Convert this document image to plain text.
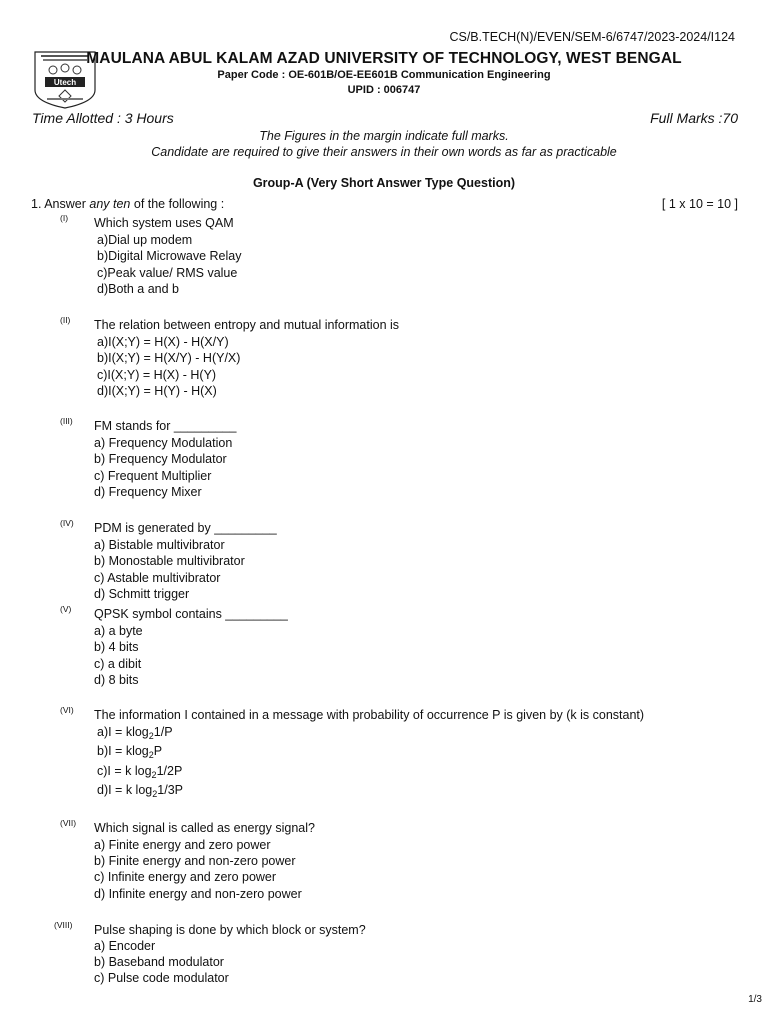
CS/B.TECH(N)/EVEN/SEM-6/6747/2023-2024/I124
Utech
MAULANA ABUL KALAM AZAD UNIVERSITY OF TECHNOLOGY, WEST BENGAL
Paper Code : OE-601B/OE-EE601B Communication Engineering
UPID : 006747
Time Allotted : 3 Hours	Full Marks :70
The Figures in the margin indicate full marks.
Candidate are required to give their answers in their own words as far as practicable
Group-A (Very Short Answer Type Question)
1. Answer any ten of the following :	[ 1 x 10 = 10 ]
(I) Which system uses QAM
a)Dial up modem
b)Digital Microwave Relay
c)Peak value/ RMS value
d)Both a and b
(II) The relation between entropy and mutual information is
a)I(X;Y) = H(X) - H(X/Y)
b)I(X;Y) = H(X/Y) - H(Y/X)
c)I(X;Y) = H(X) - H(Y)
d)I(X;Y) = H(Y) - H(X)
(III) FM stands for _________
a) Frequency Modulation
b) Frequency Modulator
c) Frequent Multiplier
d) Frequency Mixer
(IV) PDM is generated by _________
a) Bistable multivibrator
b) Monostable multivibrator
c) Astable multivibrator
d) Schmitt trigger
(V) QPSK symbol contains _________
a) a byte
b) 4 bits
c) a dibit
d) 8 bits
(VI) The information I contained in a message with probability of occurrence P is given by (k is constant)
a)I = klog$_2$1/P
b)I = klog$_2$P
c)I = k $\log_21/2P$
d)I = k $\log_21/3P$
(VII) Which signal is called as energy signal?
a) Finite energy and zero power
b) Finite energy and non-zero power
c) Infinite energy and zero power
d) Infinite energy and non-zero power
(VIII) Pulse shaping is done by which block or system?
a) Encoder
b) Baseband modulator
c) Pulse code modulator
1/3
